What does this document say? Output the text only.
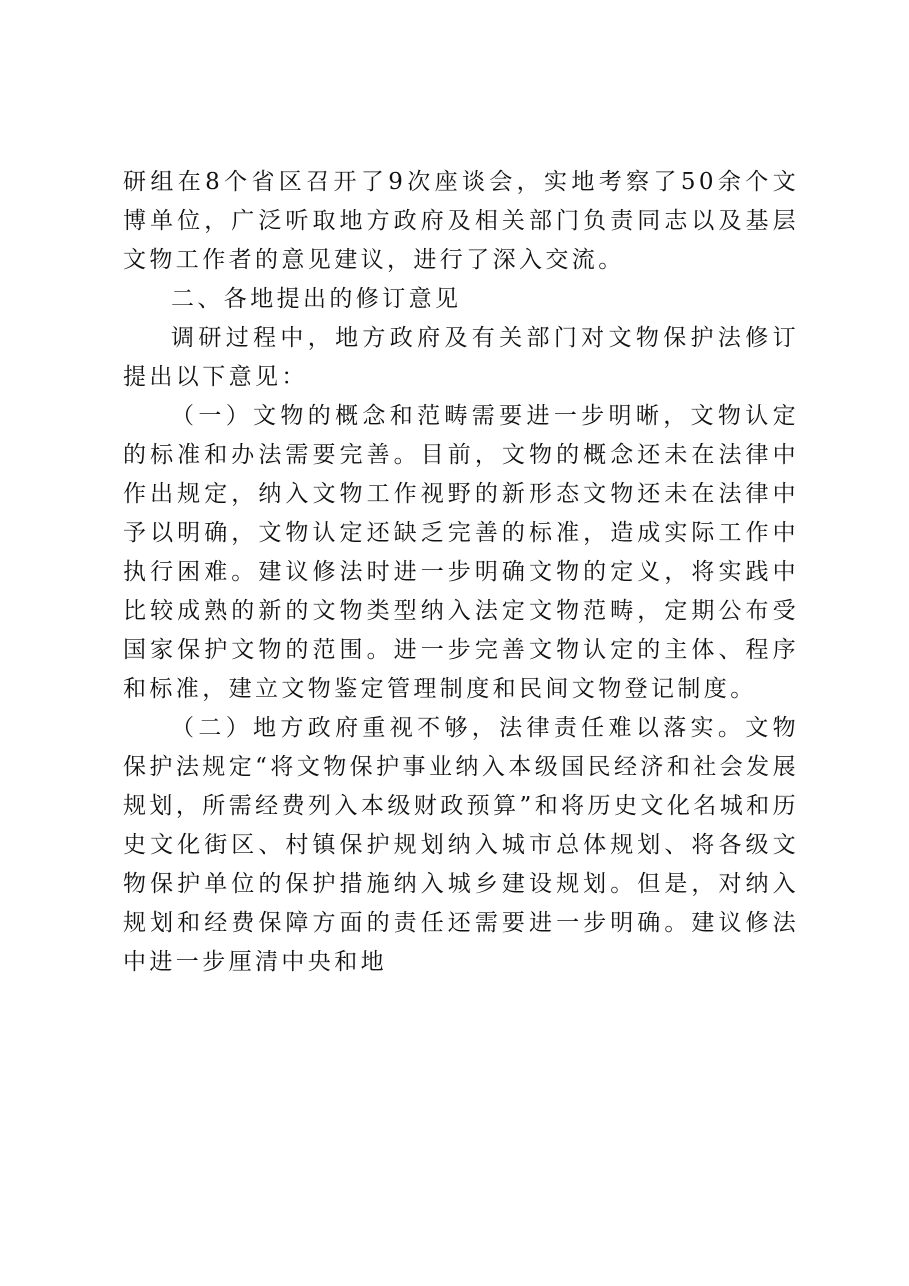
研组在8个省区召开了9次座谈会，实地考察了50余个文博单位，广泛听取地方政府及相关部门负责同志以及基层文物工作者的意见建议，进行了深入交流。

二、各地提出的修订意见

调研过程中，地方政府及有关部门对文物保护法修订提出以下意见：

（一）文物的概念和范畴需要进一步明晰，文物认定的标准和办法需要完善。目前，文物的概念还未在法律中作出规定，纳入文物工作视野的新形态文物还未在法律中予以明确，文物认定还缺乏完善的标准，造成实际工作中执行困难。建议修法时进一步明确文物的定义，将实践中比较成熟的新的文物类型纳入法定文物范畴，定期公布受国家保护文物的范围。进一步完善文物认定的主体、程序和标准，建立文物鉴定管理制度和民间文物登记制度。

（二）地方政府重视不够，法律责任难以落实。文物保护法规定“将文物保护事业纳入本级国民经济和社会发展规划，所需经费列入本级财政预算”和将历史文化名城和历史文化街区、村镇保护规划纳入城市总体规划、将各级文物保护单位的保护措施纳入城乡建设规划。但是，对纳入规划和经费保障方面的责任还需要进一步明确。建议修法中进一步厘清中央和地
